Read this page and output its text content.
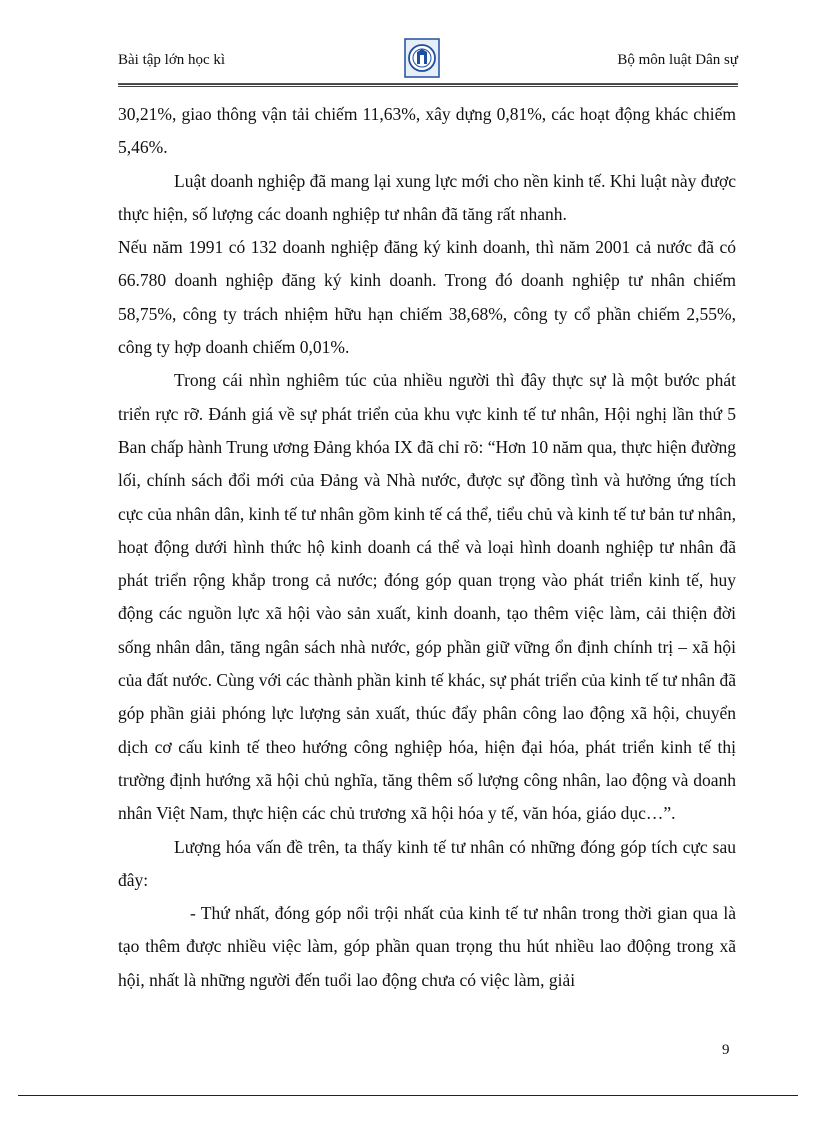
Bài tập lớn học kì	Bộ môn luật Dân sự

30,21%, giao thông vận tải chiếm 11,63%, xây dựng 0,81%, các hoạt động khác chiếm 5,46%.

Luật doanh nghiệp đã mang lại xung lực mới cho nền kinh tế. Khi luật này được thực hiện, số lượng các doanh nghiệp tư nhân đã tăng rất nhanh.

Nếu năm 1991 có 132 doanh nghiệp đăng ký kinh doanh, thì năm 2001 cả nước đã có 66.780 doanh nghiệp đăng ký kinh doanh. Trong đó doanh nghiệp tư nhân chiếm 58,75%, công ty trách nhiệm hữu hạn chiếm 38,68%, công ty cổ phần chiếm 2,55%, công ty hợp doanh chiếm 0,01%.

Trong cái nhìn nghiêm túc của nhiều người thì đây thực sự là một bước phát triển rực rỡ. Đánh giá về sự phát triển của khu vực kinh tế tư nhân, Hội nghị lần thứ 5 Ban chấp hành Trung ương Đảng khóa IX đã chỉ rõ: “Hơn 10 năm qua, thực hiện đường lối, chính sách đổi mới của Đảng và Nhà nước, được sự đồng tình và hưởng ứng tích cực của nhân dân, kinh tế tư nhân gồm kinh tế cá thể, tiểu chủ và kinh tế tư bản tư nhân, hoạt động dưới hình thức hộ kinh doanh cá thể và loại hình doanh nghiệp tư nhân đã phát triển rộng khắp trong cả nước; đóng góp quan trọng vào phát triển kinh tế, huy động các nguồn lực xã hội vào sản xuất, kinh doanh, tạo thêm việc làm, cải thiện đời sống nhân dân, tăng ngân sách nhà nước, góp phần giữ vững ổn định chính trị – xã hội của đất nước. Cùng với các thành phần kinh tế khác, sự phát triển của kinh tế tư nhân đã góp phần giải phóng lực lượng sản xuất, thúc đẩy phân công lao động xã hội, chuyển dịch cơ cấu kinh tế theo hướng công nghiệp hóa, hiện đại hóa, phát triển kinh tế thị trường định hướng xã hội chủ nghĩa, tăng thêm số lượng công nhân, lao động và doanh nhân Việt Nam, thực hiện các chủ trương xã hội hóa y tế, văn hóa, giáo dục…”.

Lượng hóa vấn đề trên, ta thấy kinh tế tư nhân có những đóng góp tích cực sau đây:

- Thứ nhất, đóng góp nổi trội nhất của kinh tế tư nhân trong thời gian qua là tạo thêm được nhiều việc làm, góp phần quan trọng thu hút nhiều lao đ0ộng trong xã hội, nhất là những người đến tuổi lao động chưa có việc làm, giải

9
